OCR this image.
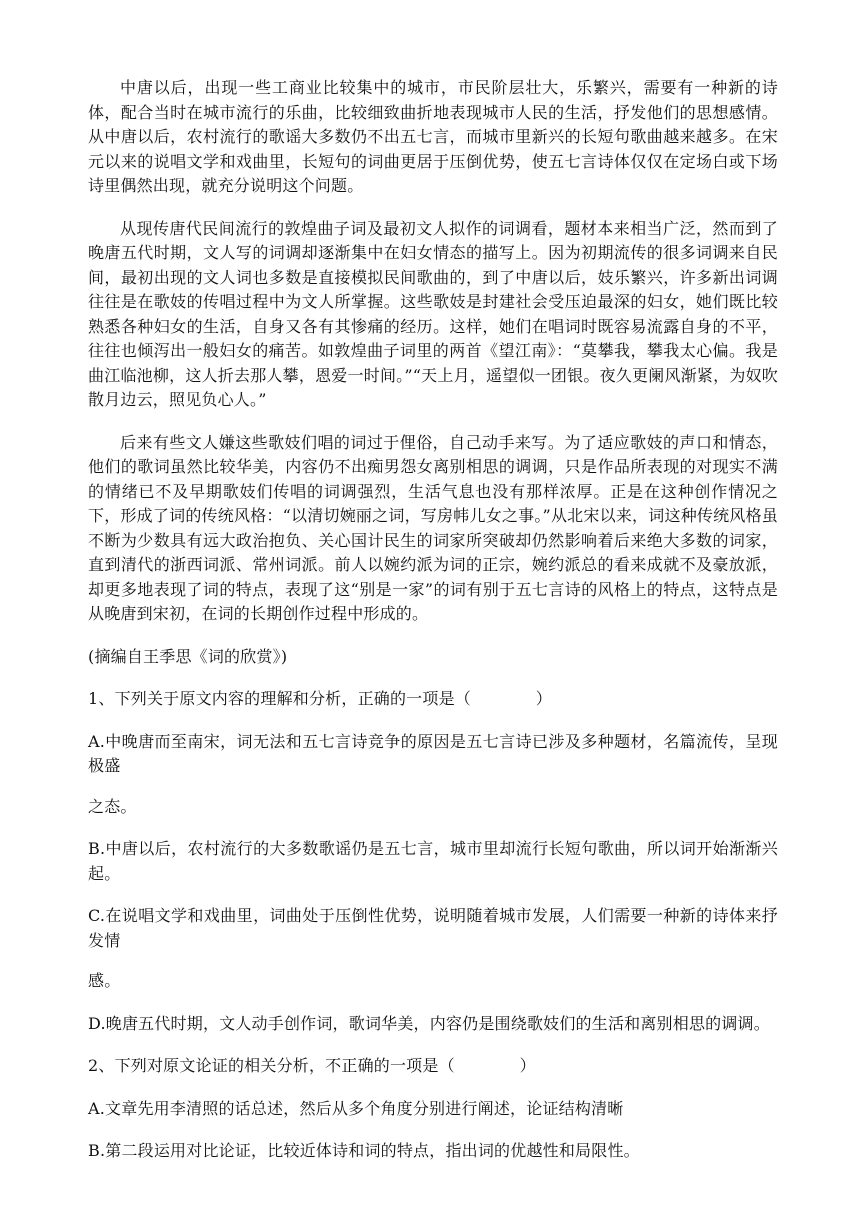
中唐以后，出现一些工商业比较集中的城市，市民阶层壮大，乐繁兴，需要有一种新的诗体，配合当时在城市流行的乐曲，比较细致曲折地表现城市人民的生活，抒发他们的思想感情。从中唐以后，农村流行的歌谣大多数仍不出五七言，而城市里新兴的长短句歌曲越来越多。在宋元以来的说唱文学和戏曲里，长短句的词曲更居于压倒优势，使五七言诗体仅仅在定场白或下场诗里偶然出现，就充分说明这个问题。

从现传唐代民间流行的敦煌曲子词及最初文人拟作的词调看，题材本来相当广泛，然而到了晚唐五代时期，文人写的词调却逐渐集中在妇女情态的描写上。因为初期流传的很多词调来自民间，最初出现的文人词也多数是直接模拟民间歌曲的，到了中唐以后，妓乐繁兴，许多新出词调往往是在歌妓的传唱过程中为文人所掌握。这些歌妓是封建社会受压迫最深的妇女，她们既比较熟悉各种妇女的生活，自身又各有其惨痛的经历。这样，她们在唱词时既容易流露自身的不平，往往也倾泻出一般妇女的痛苦。如敦煌曲子词里的两首《望江南》：“莫攀我，攀我太心偏。我是曲江临池柳，这人折去那人攀，恩爱一时间。”“天上月，遥望似一团银。夜久更阑风渐紧，为奴吹散月边云，照见负心人。”

后来有些文人嫌这些歌妓们唱的词过于俚俗，自己动手来写。为了适应歌妓的声口和情态，他们的歌词虽然比较华美，内容仍不出痴男怨女离别相思的调调，只是作品所表现的对现实不满的情绪已不及早期歌妓们传唱的词调强烈，生活气息也没有那样浓厚。正是在这种创作情况之下，形成了词的传统风格：“以清切婉丽之词，写房帏儿女之事。”从北宋以来，词这种传统风格虽不断为少数具有远大政治抱负、关心国计民生的词家所突破却仍然影响着后来绝大多数的词家，直到清代的浙西词派、常州词派。前人以婉约派为词的正宗，婉约派总的看来成就不及豪放派，却更多地表现了词的特点，表现了这“别是一家”的词有别于五七言诗的风格上的特点，这特点是从晚唐到宋初，在词的长期创作过程中形成的。

(摘编自王季思《词的欣赏》)

1、下列关于原文内容的理解和分析，正确的一项是（　　　　）

A.中晚唐而至南宋，词无法和五七言诗竞争的原因是五七言诗已涉及多种题材，名篇流传，呈现极盛

之态。

B.中唐以后，农村流行的大多数歌谣仍是五七言，城市里却流行长短句歌曲，所以词开始渐渐兴起。

C.在说唱文学和戏曲里，词曲处于压倒性优势，说明随着城市发展，人们需要一种新的诗体来抒发情

感。

D.晚唐五代时期，文人动手创作词，歌词华美，内容仍是围绕歌妓们的生活和离别相思的调调。

2、下列对原文论证的相关分析，不正确的一项是（　　　　）

A.文章先用李清照的话总述，然后从多个角度分别进行阐述，论证结构清晰

B.第二段运用对比论证，比较近体诗和词的特点，指出词的优越性和局限性。
